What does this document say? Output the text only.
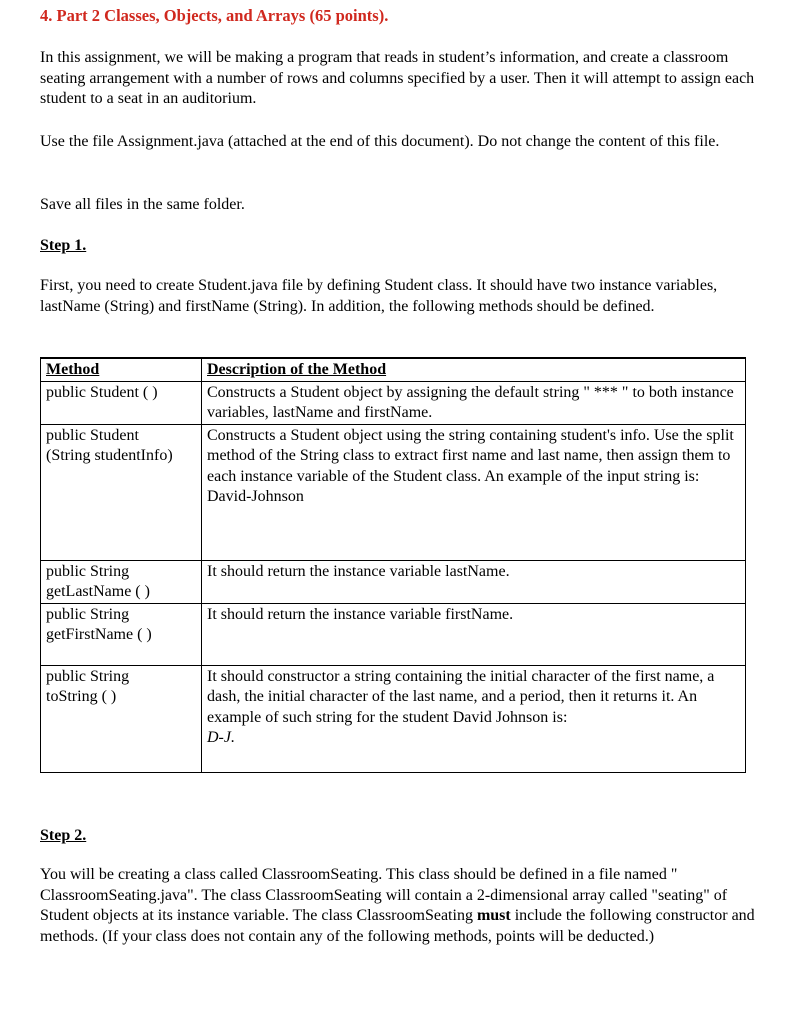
4. Part 2 Classes, Objects, and Arrays (65 points).

In this assignment, we will be making a program that reads in student’s information, and create a classroom seating arrangement with a number of rows and columns specified by a user. Then it will attempt to assign each student to a seat in an auditorium.

Use the file Assignment.java (attached at the end of this document). Do not change the content of this file.

Save all files in the same folder.

Step 1.

First, you need to create Student.java file by defining Student class. It should have two instance variables, lastName (String) and firstName (String). In addition, the following methods should be defined.

Method	Description of the Method

public Student ( )	Constructs a Student object by assigning the default string " *** " to both instance variables, lastName and firstName.

public Student
(String studentInfo)	Constructs a Student object using the string containing student's info. Use the split method of the String class to extract first name and last name, then assign them to each instance variable of the Student class. An example of the input string is:
David-Johnson

public String
getLastName ( )	It should return the instance variable lastName.

public String
getFirstName ( )	It should return the instance variable firstName.

public String
toString ( )	It should constructor a string containing the initial character of the first name, a dash, the initial character of the last name, and a period, then it returns it. An example of such string for the student David Johnson is:
D-J.

Step 2.

You will be creating a class called ClassroomSeating. This class should be defined in a file named " ClassroomSeating.java". The class ClassroomSeating will contain a 2-dimensional array called "seating" of Student objects at its instance variable. The class ClassroomSeating must include the following constructor and methods. (If your class does not contain any of the following methods, points will be deducted.)
